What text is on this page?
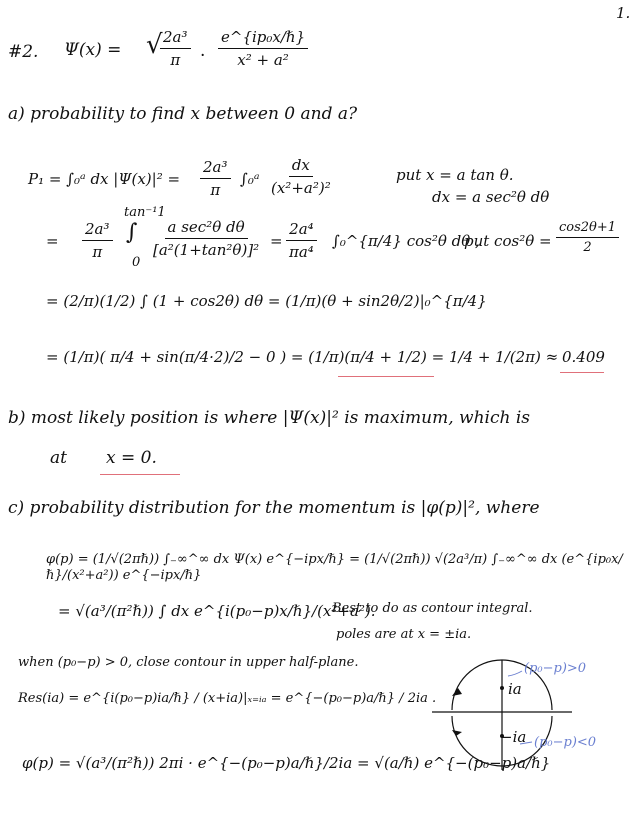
1.
#2. Ψ(x) = √
$\frac{\text{2a³}}{\pi}$ ·
e^{ip₀x/ℏ}
x² + a²
a) probability to find x between 0 and a?
P₁ = ∫₀ᵃ dx $|\Psi(x)|^2 = \frac{\text{2a³}}{\pi}$ ∫₀ᵃ $\frac{dx}{\text{(x²+a²)²}}$	put x = a tan θ.
dx = a sec²θ dθ
= $\frac{\text{2a³}}{\pi}$
tan⁻¹1
∫
0
a sec²θ dθ
$[a^2(1+\tan^2\theta)]^2 = \frac{\text{2a⁴}}{\text{πa⁴}}$ ∫₀^{π/4} cos²θ dθ ,
put $\cos^2\theta = \frac{\cos 2\theta+1}{2}$
= (2/π)(1/2) ∫ (1 + cos2θ) dθ = (1/π)(θ + sin2θ/2)|₀^{π/4}
= (1/π)( π/4 + sin(π/4·2)/2 − 0 ) = (1/π)(π/4 + 1/2) = 1/4 + 1/(2π) ≈ 0.409
b) most likely position is where |Ψ(x)|² is maximum, which is
at x = 0.
c) probability distribution for the momentum is |φ(p)|², where
φ(p) = (1/√(2πℏ)) ∫₋∞^∞ dx Ψ(x) e^{−ipx/ℏ} = (1/√(2πℏ)) √(2a³/π) ∫₋∞^∞ dx (e^{ip₀x/ℏ}/(x²+a²)) e^{−ipx/ℏ}
= √(a³/(π²ℏ)) ∫ dx e^{i(p₀−p)x/ℏ}/(x²+a²).
Best to do as contour integral.
poles are at x = ±ia.
when (p₀−p) > 0, close contour in upper half-plane.
Res(ia) = e^{i(p₀−p)ia/ℏ} / (x+ia)|ₓ₌ᵢₐ = e^{−(p₀−p)a/ℏ} / 2ia .
φ(p) = √(a³/(π²ℏ)) 2πi · e^{−(p₀−p)a/ℏ}/2ia = √(a/ℏ) e^{−(p₀−p)a/ℏ}
ia
−ia
(p₀−p)>0
(p₀−p)<0
